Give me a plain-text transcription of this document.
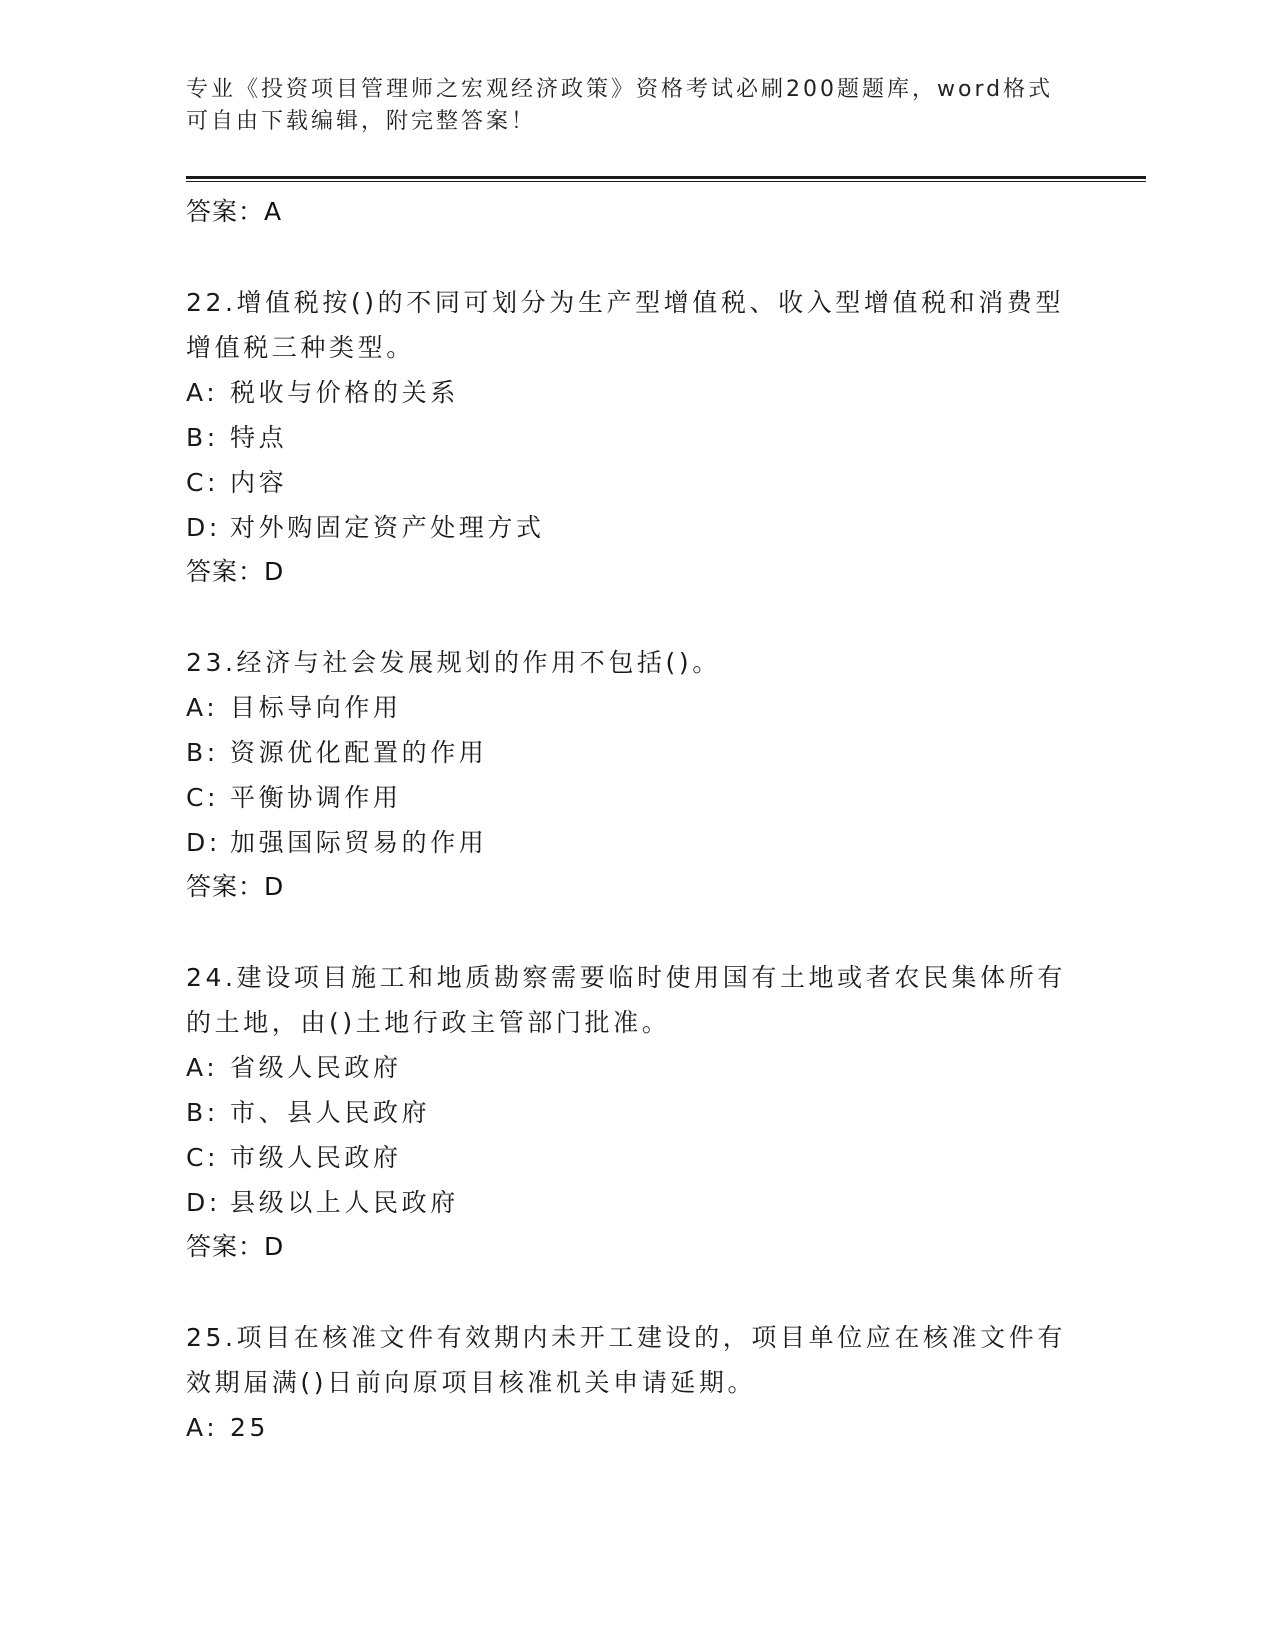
专业《投资项目管理师之宏观经济政策》资格考试必刷200题题库，word格式可自由下载编辑，附完整答案！
答案：A
22.增值税按()的不同可划分为生产型增值税、收入型增值税和消费型增值税三种类型。
A: 税收与价格的关系
B: 特点
C: 内容
D: 对外购固定资产处理方式
答案：D
23.经济与社会发展规划的作用不包括()。
A: 目标导向作用
B: 资源优化配置的作用
C: 平衡协调作用
D: 加强国际贸易的作用
答案：D
24.建设项目施工和地质勘察需要临时使用国有土地或者农民集体所有的土地，由()土地行政主管部门批准。
A: 省级人民政府
B: 市、县人民政府
C: 市级人民政府
D: 县级以上人民政府
答案：D
25.项目在核准文件有效期内未开工建设的，项目单位应在核准文件有效期届满()日前向原项目核准机关申请延期。
A: 25
